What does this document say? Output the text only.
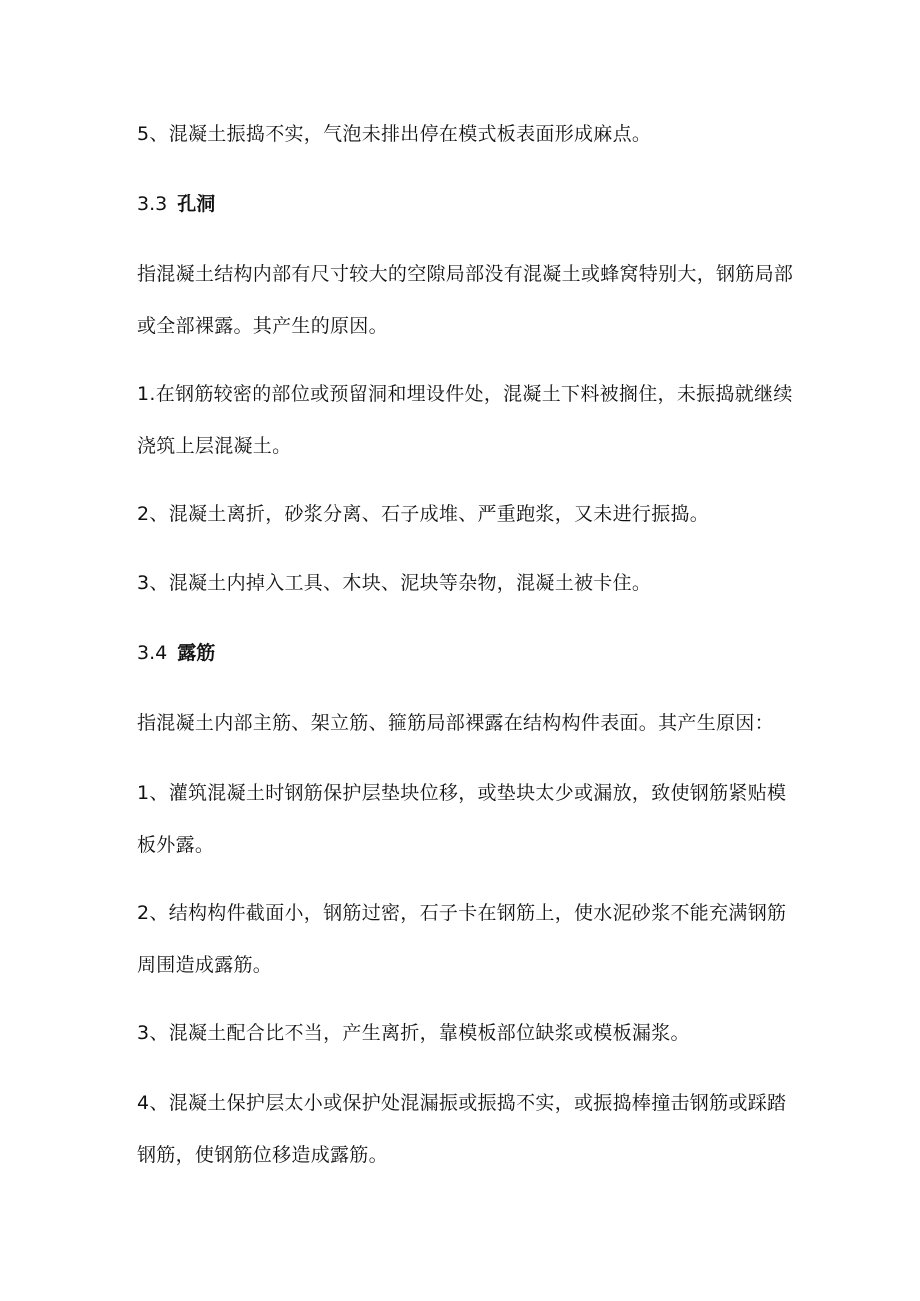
5、混凝土振捣不实，气泡未排出停在模式板表面形成麻点。

3.3 孔洞

指混凝土结构内部有尺寸较大的空隙局部没有混凝土或蜂窝特别大，钢筋局部或全部裸露。其产生的原因。

1.在钢筋较密的部位或预留洞和埋设件处，混凝土下料被搁住，未振捣就继续浇筑上层混凝土。

2、混凝土离折，砂浆分离、石子成堆、严重跑浆，又未进行振捣。

3、混凝土内掉入工具、木块、泥块等杂物，混凝土被卡住。

3.4 露筋

指混凝土内部主筋、架立筋、箍筋局部裸露在结构构件表面。其产生原因：

1、灌筑混凝土时钢筋保护层垫块位移，或垫块太少或漏放，致使钢筋紧贴模板外露。

2、结构构件截面小，钢筋过密，石子卡在钢筋上，使水泥砂浆不能充满钢筋周围造成露筋。

3、混凝土配合比不当，产生离折，靠模板部位缺浆或模板漏浆。

4、混凝土保护层太小或保护处混漏振或振捣不实，或振捣棒撞击钢筋或踩踏钢筋，使钢筋位移造成露筋。
